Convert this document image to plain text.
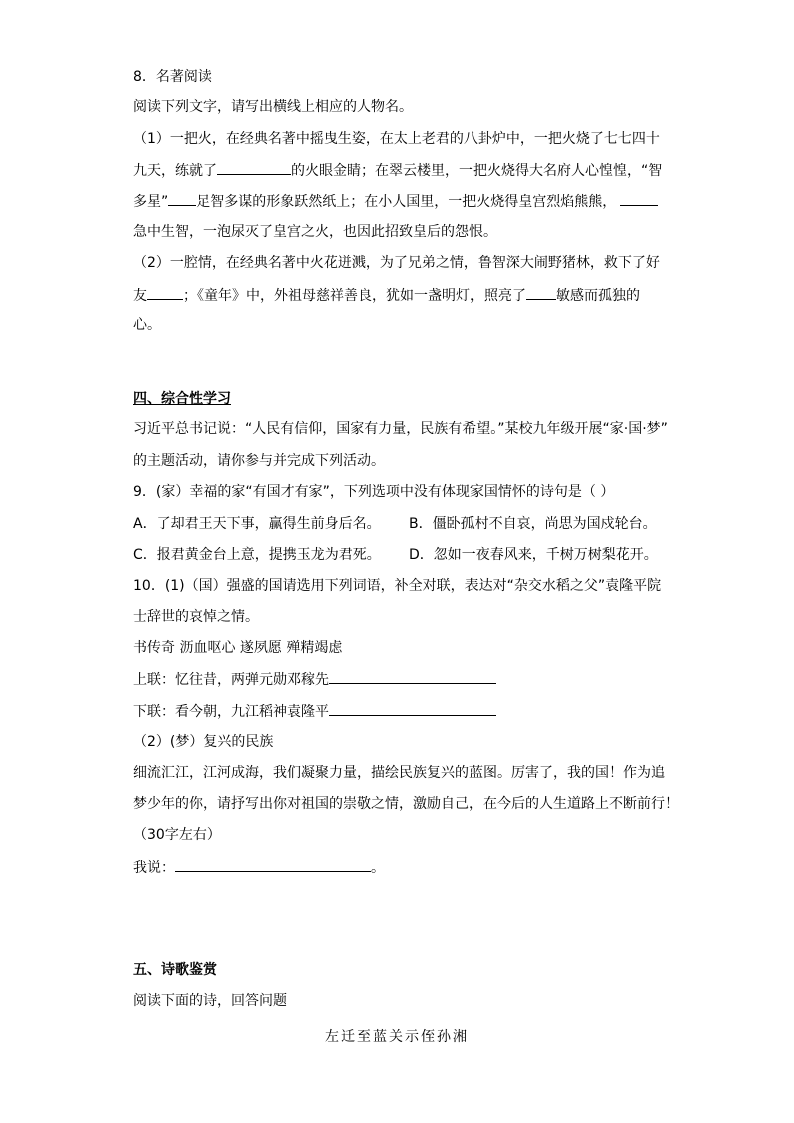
8．名著阅读
阅读下列文字，请写出横线上相应的人物名。
（1）一把火，在经典名著中摇曳生姿，在太上老君的八卦炉中，一把火烧了七七四十
九天，练就了	的火眼金睛；在翠云楼里，一把火烧得大名府人心惶惶，“智
多星” 足智多谋的形象跃然纸上；在小人国里，一把火烧得皇宫烈焰熊熊，
急中生智，一泡尿灭了皇宫之火，也因此招致皇后的怨恨。
（2）一腔情，在经典名著中火花迸溅，为了兄弟之情，鲁智深大闹野猪林，救下了好
友	；《童年》中，外祖母慈祥善良，犹如一盏明灯，照亮了 敏感而孤独的
心。
四、综合性学习
习近平总书记说：“人民有信仰，国家有力量，民族有希望。”某校九年级开展“家·国·梦”
的主题活动，请你参与并完成下列活动。
9．(家）幸福的家“有国才有家”，下列选项中没有体现家国情怀的诗句是（ ）
A．了却君王天下事，赢得生前身后名。 B．僵卧孤村不自哀，尚思为国戍轮台。
C．报君黄金台上意，提携玉龙为君死。 D．忽如一夜春风来，千树万树梨花开。
10．(1)（国）强盛的国请选用下列词语，补全对联，表达对“杂交水稻之父”袁隆平院
士辞世的哀悼之情。
书传奇 沥血呕心 遂夙愿 殚精竭虑
上联：忆往昔，两弹元勋邓稼先
下联：看今朝，九江稻神袁隆平
（2）(梦）复兴的民族
细流汇江，江河成海，我们凝聚力量，描绘民族复兴的蓝图。厉害了，我的国！作为追
梦少年的你，请抒写出你对祖国的崇敬之情，激励自己，在今后的人生道路上不断前行！
（30字左右）
我说：	。
五、诗歌鉴赏
阅读下面的诗，回答问题
左迁至蓝关示侄孙湘
